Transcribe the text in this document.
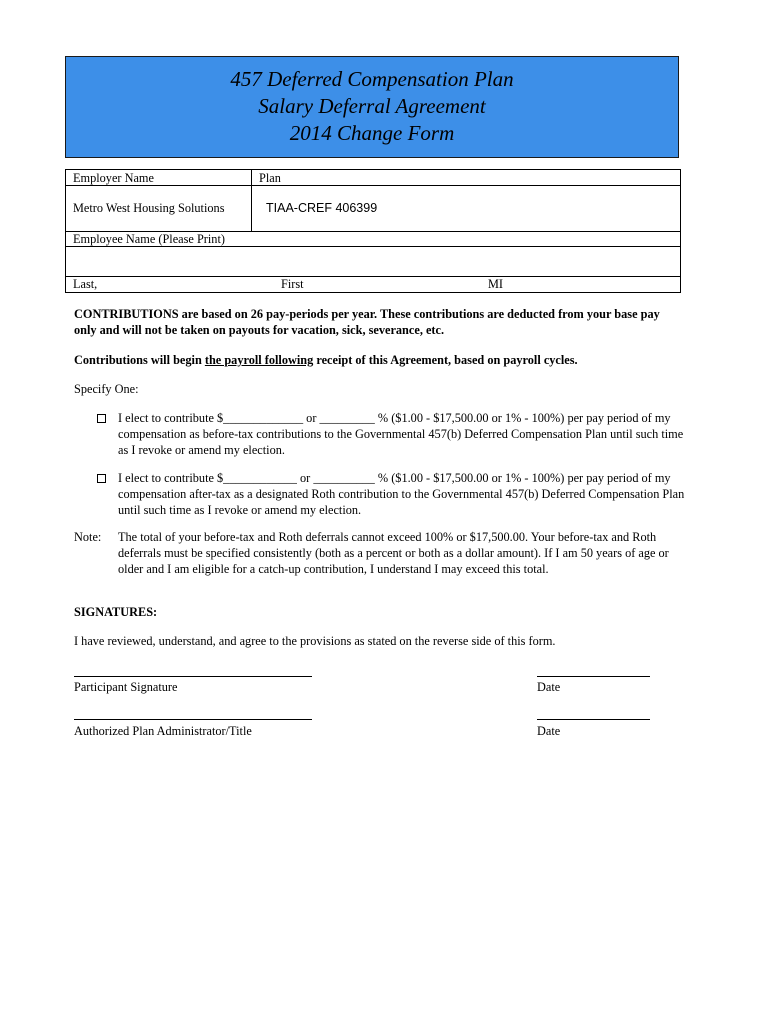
457 Deferred Compensation Plan
Salary Deferral Agreement
2014 Change Form
Employer Name	Plan
Metro West Housing Solutions	TIAA-CREF 406399
Employee Name (Please Print)
Last,	First	MI

CONTRIBUTIONS are based on 26 pay-periods per year. These contributions are deducted from your base pay only and will not be taken on payouts for vacation, sick, severance, etc.

Contributions will begin the payroll following receipt of this Agreement, based on payroll cycles.

Specify One:

I elect to contribute $_____________ or _________ % ($1.00 - $17,500.00 or 1% - 100%) per pay period of my compensation as before-tax contributions to the Governmental 457(b) Deferred Compensation Plan until such time as I revoke or amend my election.

I elect to contribute $____________ or __________ % ($1.00 - $17,500.00 or 1% - 100%) per pay period of my compensation after-tax as a designated Roth contribution to the Governmental 457(b) Deferred Compensation Plan until such time as I revoke or amend my election.

Note:	The total of your before-tax and Roth deferrals cannot exceed 100% or $17,500.00. Your before-tax and Roth deferrals must be specified consistently (both as a percent or both as a dollar amount). If I am 50 years of age or older and I am eligible for a catch-up contribution, I understand I may exceed this total.

SIGNATURES:

I have reviewed, understand, and agree to the provisions as stated on the reverse side of this form.

Participant Signature	Date

Authorized Plan Administrator/Title	Date
